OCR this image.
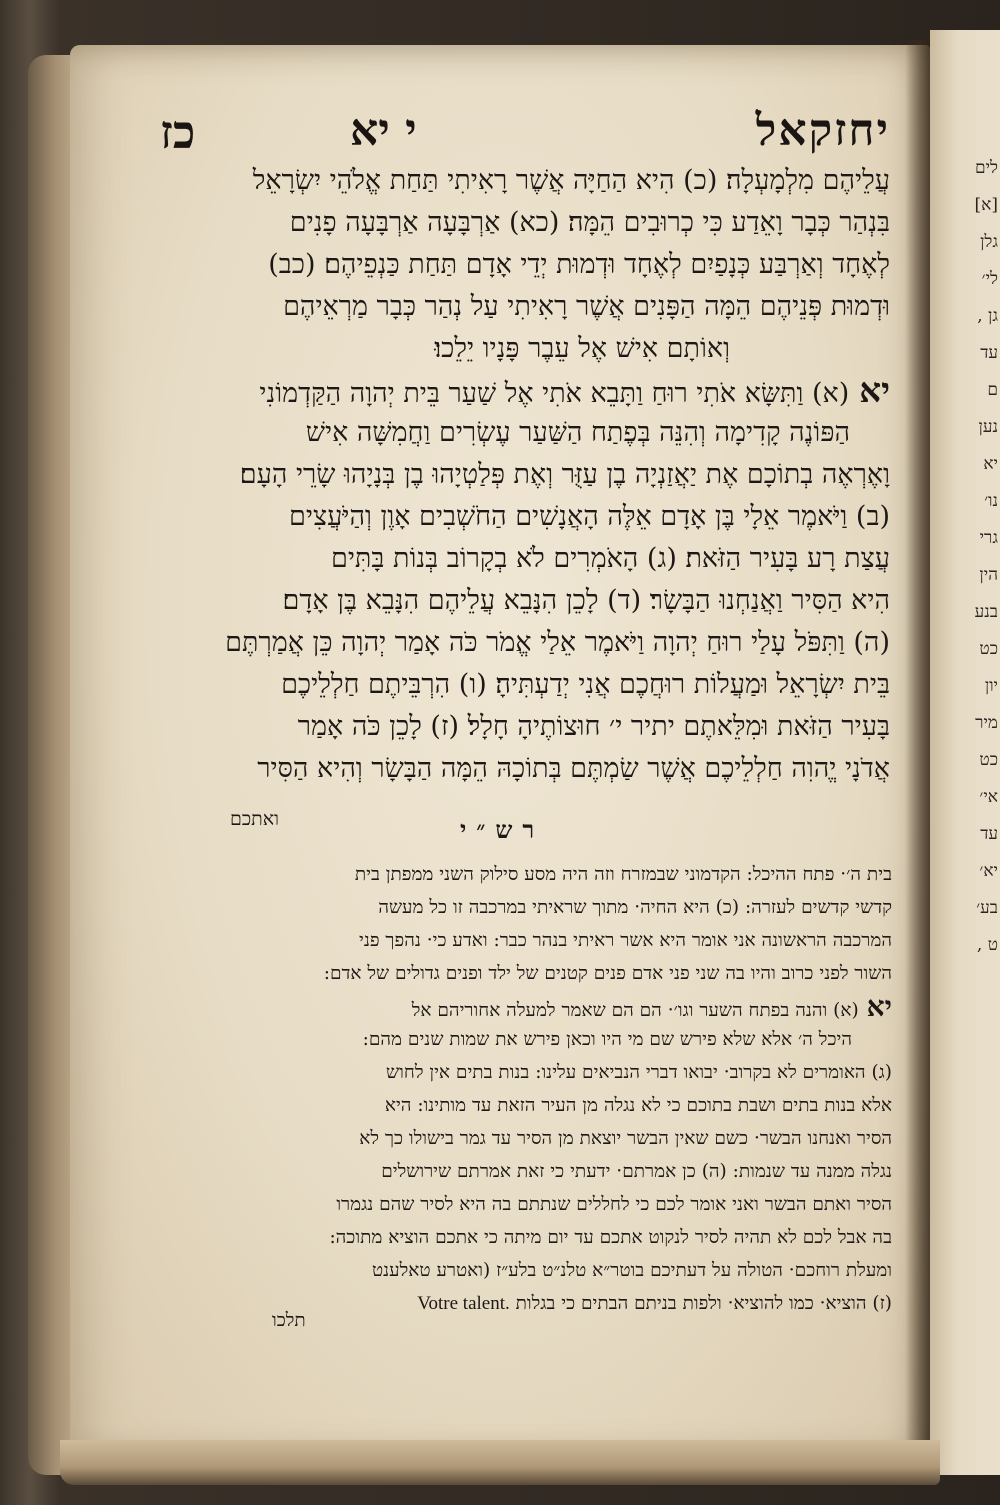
לים
[א]
גלן
לי׳
גן ,
עד
ם
נען
יא
נו׳
גרי
הין
בנע
כט
יון
מיר
כט
אי׳
עד
יא׳
בע׳
ט ,
יחזקאל
י יא
כז
עֲלֵיהֶם מִלְמָעְלָה׃ (כ) הִיא הַחַיָּה אֲשֶׁר רָאִיתִי תַּחַת אֱלֹהֵי יִשְׂרָאֵל
בִּנְהַר כְּבָר וָאֵדַע כִּי כְרוּבִים הֵמָּה׃ (כא) אַרְבָּעָה אַרְבָּעָה פָנִים
לְאֶחָד וְאַרְבַּע כְּנָפַיִם לְאֶחָד וּדְמוּת יְדֵי אָדָם תַּחַת כַּנְפֵיהֶם׃ (כב)
וּדְמוּת פְּנֵיהֶם הֵמָּה הַפָּנִים אֲשֶׁר רָאִיתִי עַל נְהַר כְּבָר מַרְאֵיהֶם
וְאוֹתָם אִישׁ אֶל עֵבֶר פָּנָיו יֵלֵכוּ׃
יא(א) וַתִּשָּׂא אֹתִי רוּחַ וַתָּבֵא אֹתִי אֶל שַׁעַר בֵּית יְהוָה הַקַּדְמוֹנִי
הַפּוֹנֶה קָדִימָה וְהִנֵּה בְּפֶתַח הַשַּׁעַר עֶשְׂרִים וַחֲמִשָּׁה אִישׁ
וָאֶרְאֶה בְתוֹכָם אֶת יַאֲזַנְיָה בֶן עַזֻּר וְאֶת פְּלַטְיָהוּ בֶן בְּנָיָהוּ שָׂרֵי הָעָם׃
(ב) וַיֹּאמֶר אֵלָי בֶּן אָדָם אֵלֶּה הָאֲנָשִׁים הַחֹשְׁבִים אָוֶן וְהַיֹּעֲצִים
עֲצַת רָע בָּעִיר הַזֹּאת׃ (ג) הָאֹמְרִים לֹא בְקָרוֹב בְּנוֹת בָּתִּים
הִיא הַסִּיר וַאֲנַחְנוּ הַבָּשָׂר׃ (ד) לָכֵן הִנָּבֵא עֲלֵיהֶם הִנָּבֵא בֶּן אָדָם׃
(ה) וַתִּפֹּל עָלַי רוּחַ יְהוָה וַיֹּאמֶר אֵלַי אֱמֹר כֹּה אָמַר יְהוָה כֵּן אֲמַרְתֶּם
בֵּית יִשְׂרָאֵל וּמַעֲלוֹת רוּחֲכֶם אֲנִי יְדַעְתִּיהָ׃ (ו) הִרְבֵּיתֶם חַלְלֵיכֶם
בָּעִיר הַזֹּאת וּמִלֵּאתֶם יתיר י׳ חוּצוֹתֶיהָ חָלָל׃ (ז) לָכֵן כֹּה אָמַר
אֲדֹנָי יֱהוִה חַלְלֵיכֶם אֲשֶׁר שַׂמְתֶּם בְּתוֹכָהּ הֵמָּה הַבָּשָׂר וְהִיא הַסִּיר
ואתכם	רש״י
בית ה׳· פתח ההיכל: הקדמוני שבמזרח וזה היה מסע סילוק השני ממפתן בית
קדשי קדשים לעזרה: (כ) היא החיה· מתוך שראיתי במרכבה זו כל מעשה
המרכבה הראשונה אני אומר היא אשר ראיתי בנהר כבר: ואדע כי· נהפך פני
השור לפני כרוב והיו בה שני פני אדם פנים קטנים של ילד ופנים גדולים של אדם:
יא(א) והנה בפתח השער וגו׳· הם הם שאמר למעלה אחוריהם אל
היכל ה׳ אלא שלא פירש שם מי היו וכאן פירש את שמות שנים מהם:
(ג) האומרים לא בקרוב· יבואו דברי הנביאים עלינו: בנות בתים אין לחוש
אלא בנות בתים ושבת בתוכם כי לא נגלה מן העיר הזאת עד מותינו: היא
הסיר ואנחנו הבשר· כשם שאין הבשר יוצאת מן הסיר עד גמר בישולו כך לא
נגלה ממנה עד שנמות: (ה) כן אמרתם· ידעתי כי זאת אמרתם שירושלים
הסיר ואתם הבשר ואני אומר לכם כי לחללים שנתתם בה היא לסיר שהם נגמרו
בה אבל לכם לא תהיה לסיר לנקוט אתכם עד יום מיתה כי אתכם הוציא מתוכה:
ומעלת רוחכם· הטולה על דעתיכם בוטר״א טלנ״ט בלע״ז (ואטרע טאלענט
(ז) הוציא· כמו להוציא· ולפות בניתם הבתים כי בגלות Votre talent.
תלכו
